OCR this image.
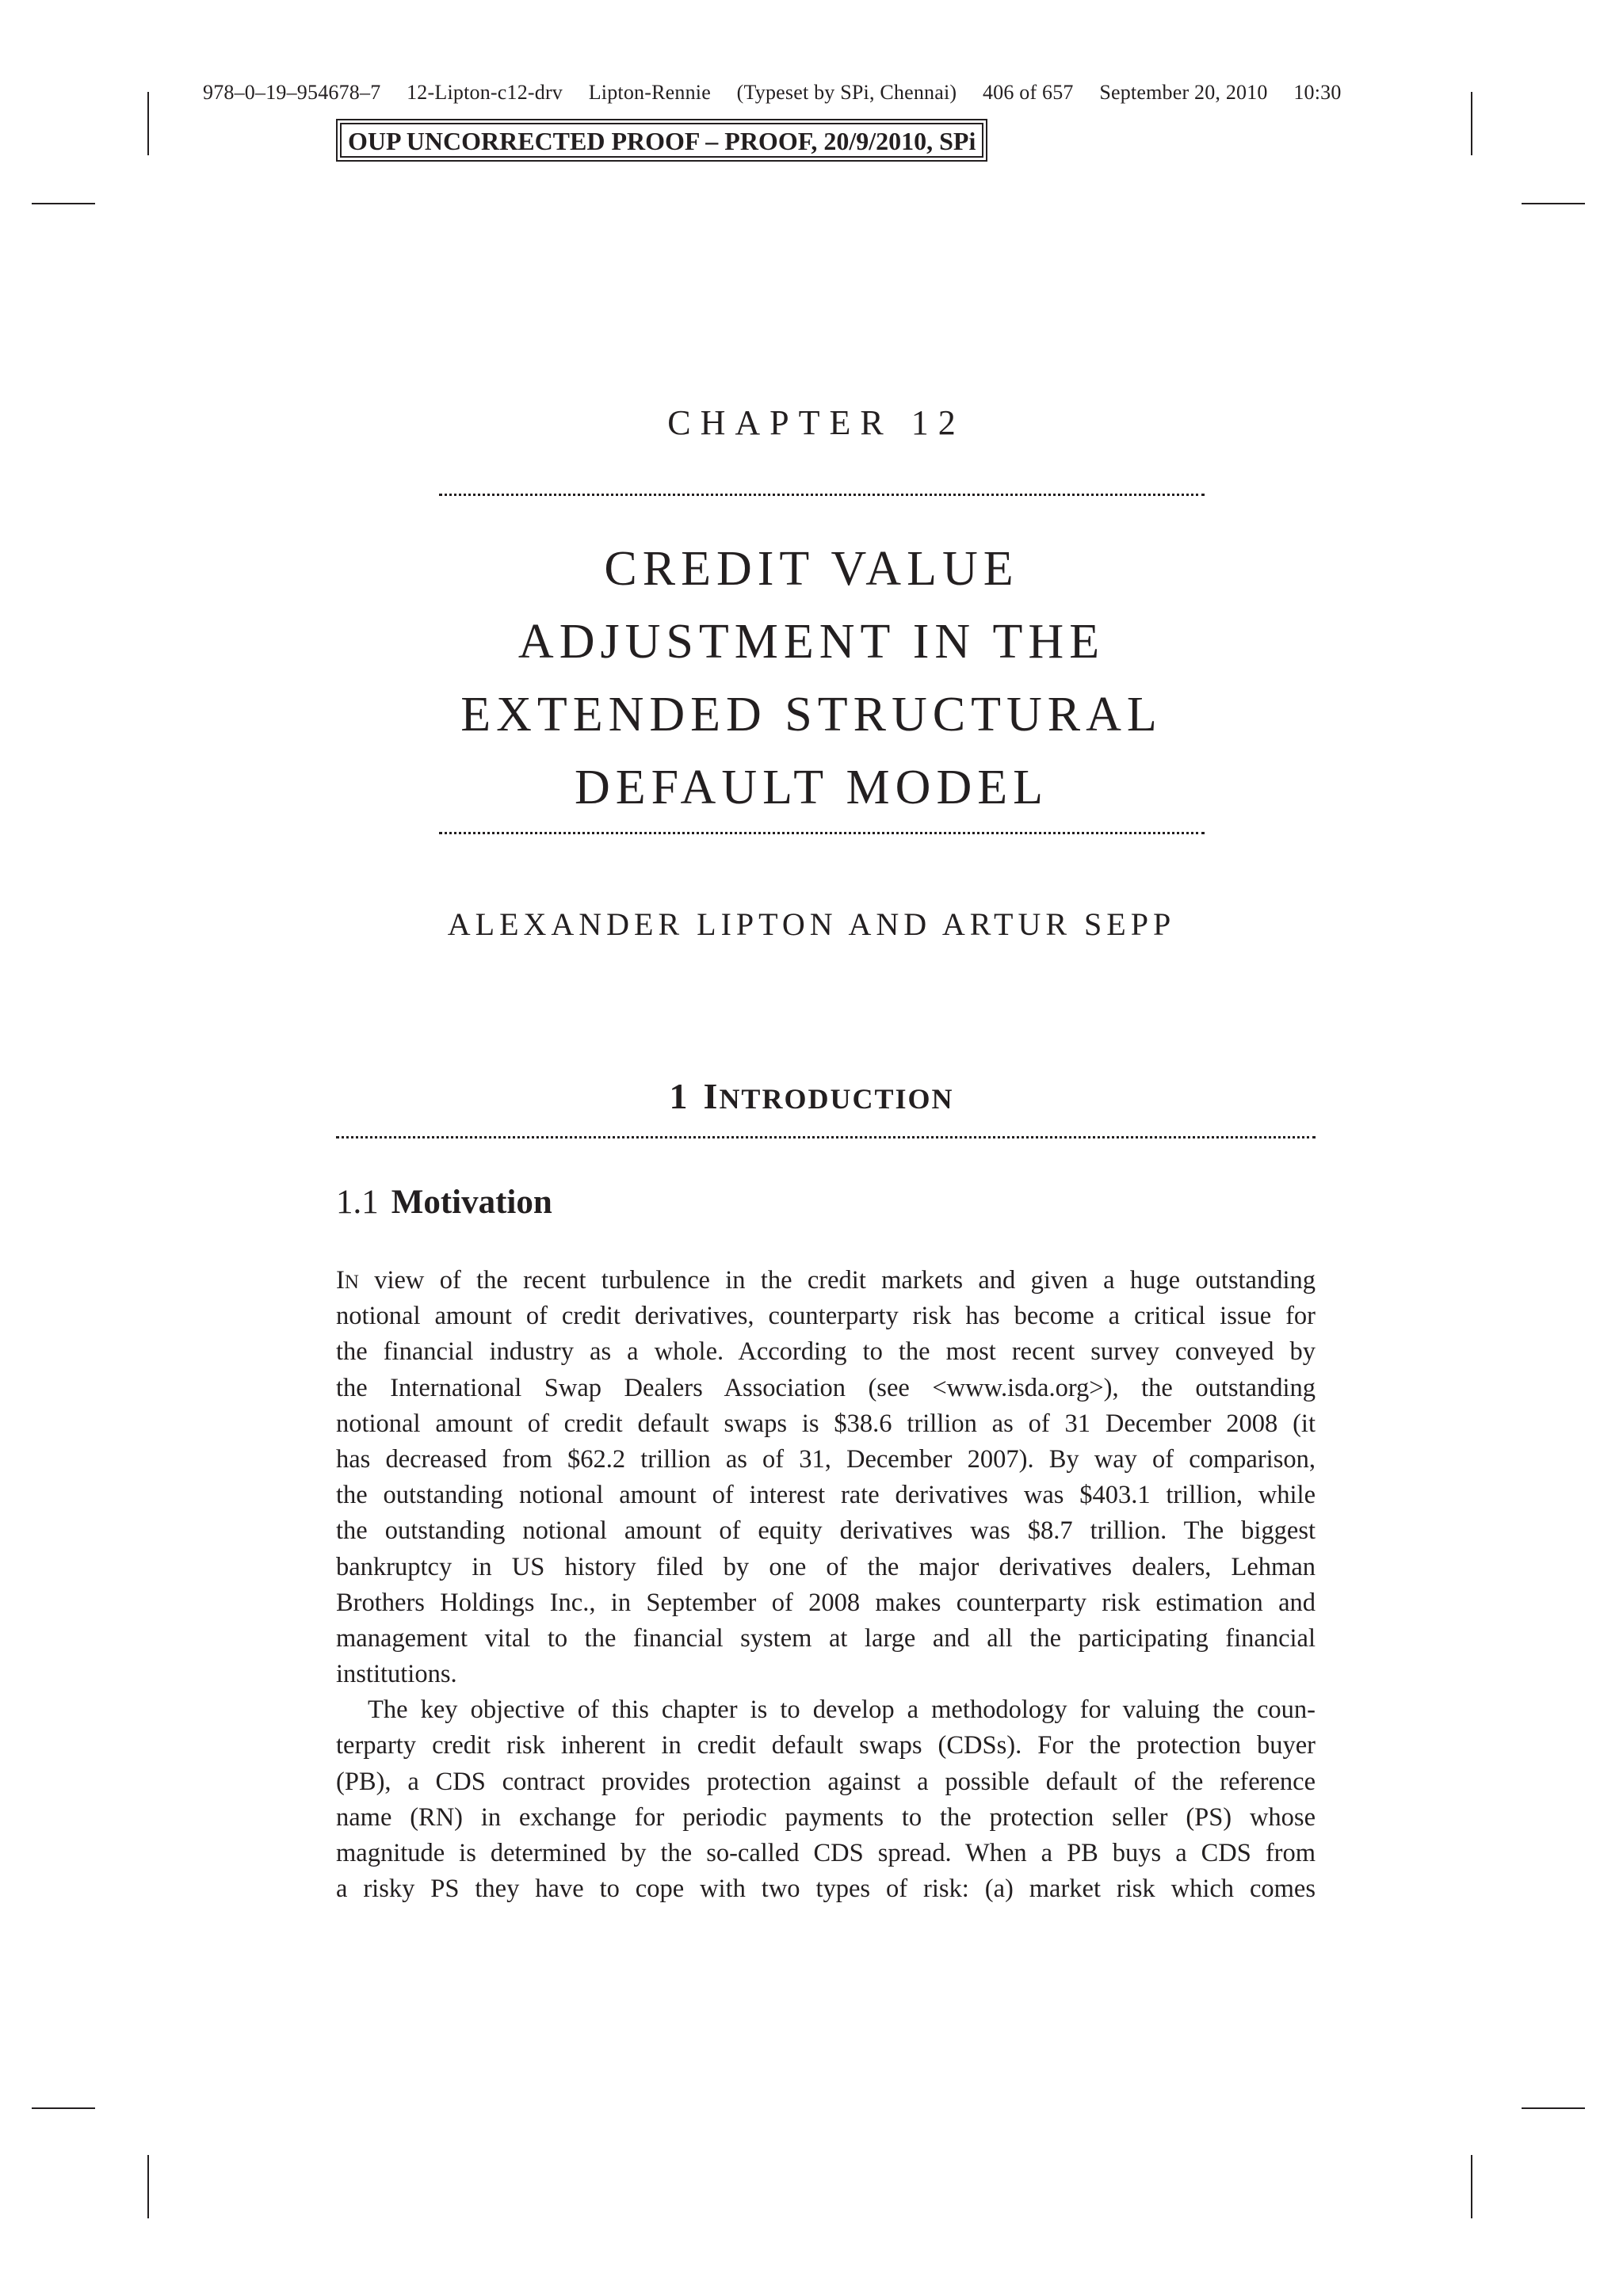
978–0–19–954678–7 12-Lipton-c12-drv Lipton-Rennie (Typeset by SPi, Chennai) 406 of 657 September 20, 2010 10:30
OUP UNCORRECTED PROOF – PROOF, 20/9/2010, SPi
CHAPTER 12
CREDIT VALUE
ADJUSTMENT IN THE
EXTENDED STRUCTURAL
DEFAULT MODEL
ALEXANDER LIPTON AND ARTUR SEPP
1 INTRODUCTION
1.1 Motivation
IN view of the recent turbulence in the credit markets and given a huge outstanding
notional amount of credit derivatives, counterparty risk has become a critical issue for
the financial industry as a whole. According to the most recent survey conveyed by
the International Swap Dealers Association (see <www.isda.org>), the outstanding
notional amount of credit default swaps is $38.6 trillion as of 31 December 2008 (it
has decreased from $62.2 trillion as of 31, December 2007). By way of comparison,
the outstanding notional amount of interest rate derivatives was $403.1 trillion, while
the outstanding notional amount of equity derivatives was $8.7 trillion. The biggest
bankruptcy in US history filed by one of the major derivatives dealers, Lehman
Brothers Holdings Inc., in September of 2008 makes counterparty risk estimation and
management vital to the financial system at large and all the participating financial
institutions.
The key objective of this chapter is to develop a methodology for valuing the coun-
terparty credit risk inherent in credit default swaps (CDSs). For the protection buyer
(PB), a CDS contract provides protection against a possible default of the reference
name (RN) in exchange for periodic payments to the protection seller (PS) whose
magnitude is determined by the so-called CDS spread. When a PB buys a CDS from
a risky PS they have to cope with two types of risk: (a) market risk which comes
